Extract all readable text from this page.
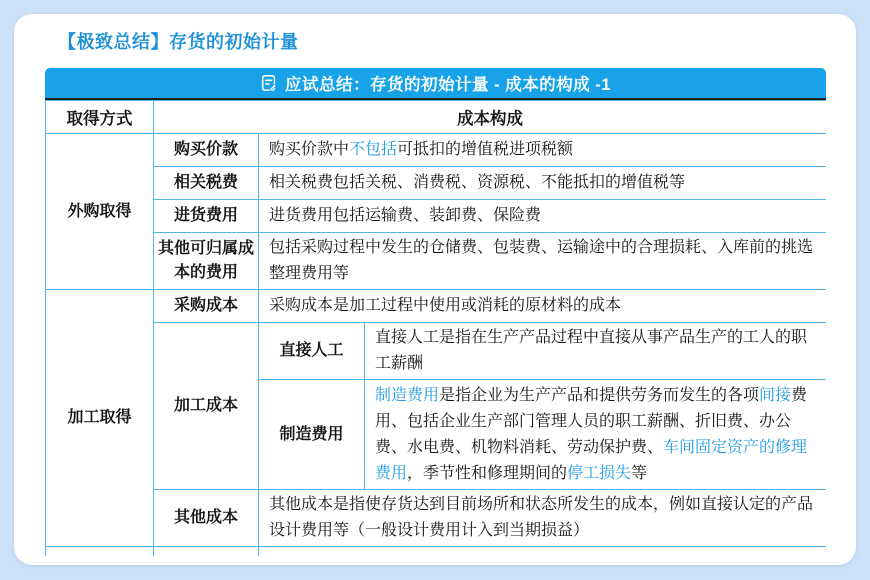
【极致总结】存货的初始计量
应试总结：存货的初始计量 - 成本的构成 -1
取得方式	成本构成		
外购取得	购买价款	购买价款中不包括可抵扣的增值税进项税额	
	相关税费	相关税费包括关税、消费税、资源税、不能抵扣的增值税等	
	进货费用	进货费用包括运输费、装卸费、保险费	
	其他可归属成本的费用	包括采购过程中发生的仓储费、包装费、运输途中的合理损耗、入库前的挑选整理费用等	
加工取得	采购成本	采购成本是加工过程中使用或消耗的原材料的成本	
	加工成本	直接人工	直接人工是指在生产产品过程中直接从事产品生产的工人的职工薪酬
		制造费用	制造费用是指企业为生产产品和提供劳务而发生的各项间接费用、包括企业生产部门管理人员的职工薪酬、折旧费、办公费、水电费、机物料消耗、劳动保护费、车间固定资产的修理费用，季节性和修理期间的停工损失等
	其他成本	其他成本是指使存货达到目前场所和状态所发生的成本，例如直接认定的产品设计费用等（一般设计费用计入到当期损益）	
